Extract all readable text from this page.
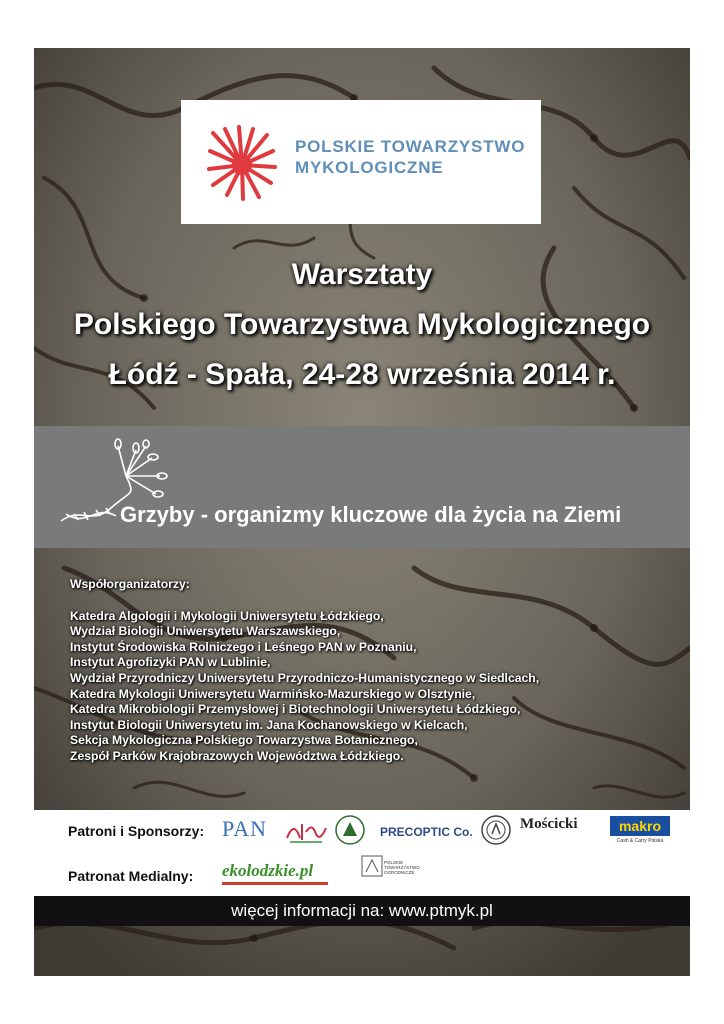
POLSKIE TOWARZYSTWO
MYKOLOGICZNE
Warsztaty
Polskiego Towarzystwa Mykologicznego
Łódź - Spała, 24-28 września 2014 r.
Grzyby - organizmy kluczowe dla życia na Ziemi
Współorganizatorzy:
Katedra Algologii i Mykologii Uniwersytetu Łódzkiego,
Wydział Biologii Uniwersytetu Warszawskiego,
Instytut Środowiska Rolniczego i Leśnego PAN w Poznaniu,
Instytut Agrofizyki PAN w Lublinie,
Wydział Przyrodniczy Uniwersytetu Przyrodniczo-Humanistycznego w Siedlcach,
Katedra Mykologii Uniwersytetu Warmińsko-Mazurskiego w Olsztynie,
Katedra Mikrobiologii Przemysłowej i Biotechnologii Uniwersytetu Łódzkiego,
Instytut Biologii Uniwersytetu im. Jana Kochanowskiego w Kielcach,
Sekcja Mykologiczna Polskiego Towarzystwa Botanicznego,
Zespół Parków Krajobrazowych Województwa Łódzkiego.
Patroni i Sponsorzy: PAN	PRECOPTIC Co.	Mościcki	makro
Cash & Carry Polska
Patronat Medialny: ekolodzkie.pl	POLSKIE
TOWARZYSTWO
OGRODNICZE
więcej informacji na: www.ptmyk.pl
